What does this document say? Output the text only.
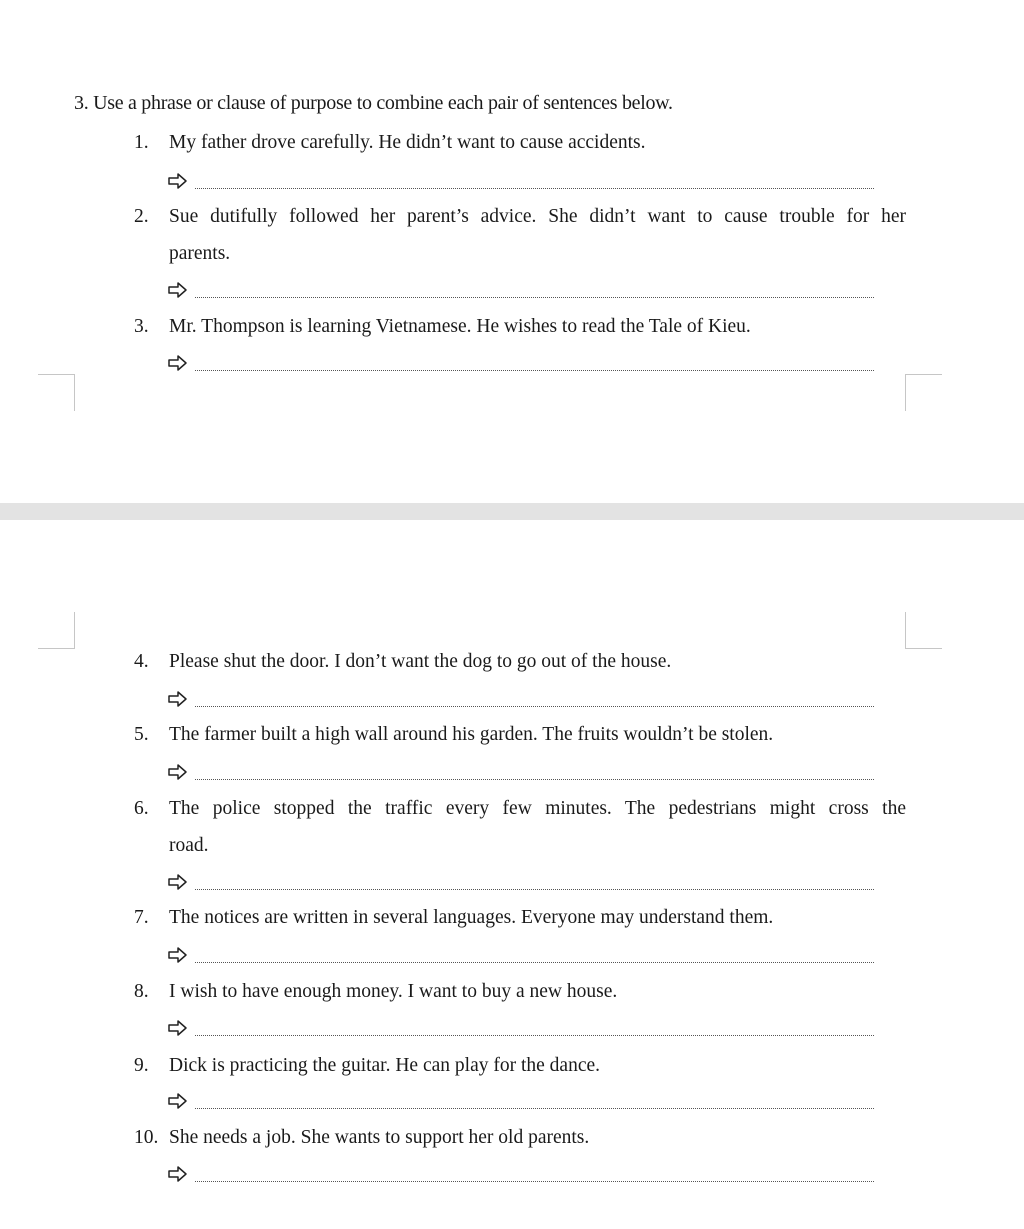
3. Use a phrase or clause of purpose to combine each pair of sentences below.
1.	My father drove carefully. He didn’t want to cause accidents.
2.	Sue dutifully followed her parent’s advice. She didn’t want to cause trouble for her
parents.
3.	Mr. Thompson is learning Vietnamese. He wishes to read the Tale of Kieu.
4.	Please shut the door. I don’t want the dog to go out of the house.
5.	The farmer built a high wall around his garden. The fruits wouldn’t be stolen.
6.	The police stopped the traffic every few minutes. The pedestrians might cross the
road.
7.	The notices are written in several languages. Everyone may understand them.
8.	I wish to have enough money. I want to buy a new house.
9.	Dick is practicing the guitar. He can play for the dance.
10. She needs a job. She wants to support her old parents.
